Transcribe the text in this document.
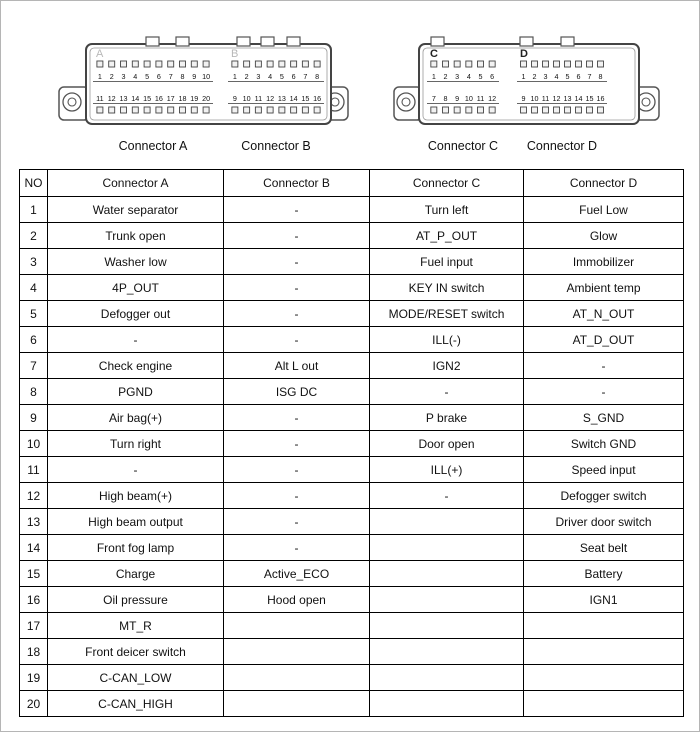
A
1 2 3 4 5 6 7 8 9 10
11 12 13 14 15 16 17 18 19 20
B
1 2 3 4 5 6 7 8
9 10 11 12 13 14 15 16
C
1 2 3 4 5 6
7 8 9 10 11 12
D
1 2 3 4 5 6 7 8
9 10 11 12 13 14 15 16
Connector A	Connector B	Connector C Connector D
NO	Connector A	Connector B	Connector C	Connector D
1	Water separator	-	Turn left	Fuel Low
2	Trunk open	-	AT_P_OUT	Glow
3	Washer low	-	Fuel input	Immobilizer
4	4P_OUT	-	KEY IN switch	Ambient temp
5	Defogger out	-	MODE/RESET switch	AT_N_OUT
6	-	-	ILL(-)	AT_D_OUT
7	Check engine	Alt L out	IGN2	-
8	PGND	ISG DC	-	-
9	Air bag(+)	-	P brake	S_GND
10	Turn right	-	Door open	Switch GND
11	-	-	ILL(+)	Speed input
12	High beam(+)	-	-	Defogger switch
13	High beam output	-		Driver door switch
14	Front fog lamp	-		Seat belt
15	Charge	Active_ECO		Battery
16	Oil pressure	Hood open		IGN1
17	MT_R			
18	Front deicer switch			
19	C-CAN_LOW			
20	C-CAN_HIGH			
